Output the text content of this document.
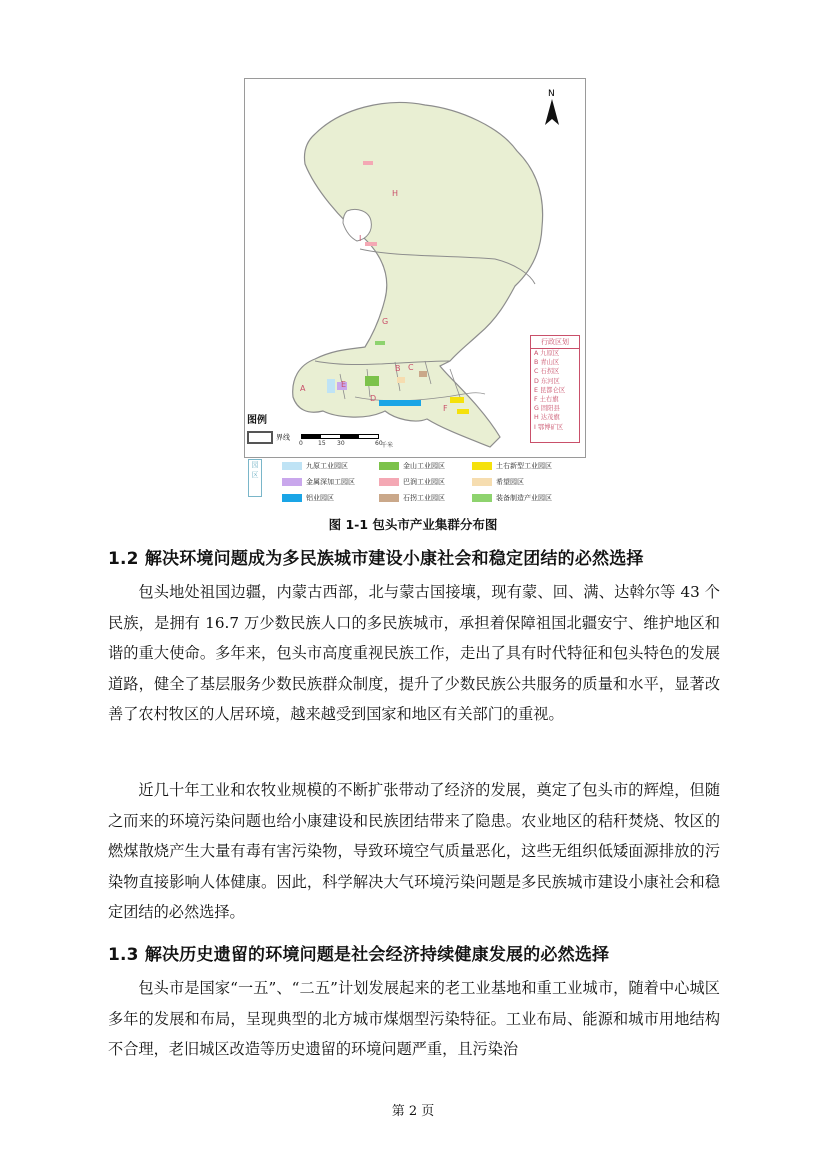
N
H
I
G
A
B C
D
E
F
图例
界线
0	15 30	60
千米
行政区划
A 九原区
B 青山区
C 石拐区
D 东河区
E 昆都仑区
F 土右旗
G 固阳县
H 达茂旗
I 鄂博矿区
园区
九原工业园区	金山工业园区	土右新型工业园区
金属深加工园区	巴润工业园区	希望园区
铝业园区	石拐工业园区	装备制造产业园区
图 1-1 包头市产业集群分布图
1.2 解决环境问题成为多民族城市建设小康社会和稳定团结的必然选择

包头地处祖国边疆，内蒙古西部，北与蒙古国接壤，现有蒙、回、满、达斡尔等 43 个民族，是拥有 16.7 万少数民族人口的多民族城市，承担着保障祖国北疆安宁、维护地区和谐的重大使命。多年来，包头市高度重视民族工作，走出了具有时代特征和包头特色的发展道路，健全了基层服务少数民族群众制度，提升了少数民族公共服务的质量和水平，显著改善了农村牧区的人居环境，越来越受到国家和地区有关部门的重视。

近几十年工业和农牧业规模的不断扩张带动了经济的发展，奠定了包头市的辉煌，但随之而来的环境污染问题也给小康建设和民族团结带来了隐患。农业地区的秸秆焚烧、牧区的燃煤散烧产生大量有毒有害污染物，导致环境空气质量恶化，这些无组织低矮面源排放的污染物直接影响人体健康。因此，科学解决大气环境污染问题是多民族城市建设小康社会和稳定团结的必然选择。

1.3 解决历史遗留的环境问题是社会经济持续健康发展的必然选择

包头市是国家“一五”、“二五”计划发展起来的老工业基地和重工业城市，随着中心城区多年的发展和布局，呈现典型的北方城市煤烟型污染特征。工业布局、能源和城市用地结构不合理，老旧城区改造等历史遗留的环境问题严重，且污染治

第 2 页
